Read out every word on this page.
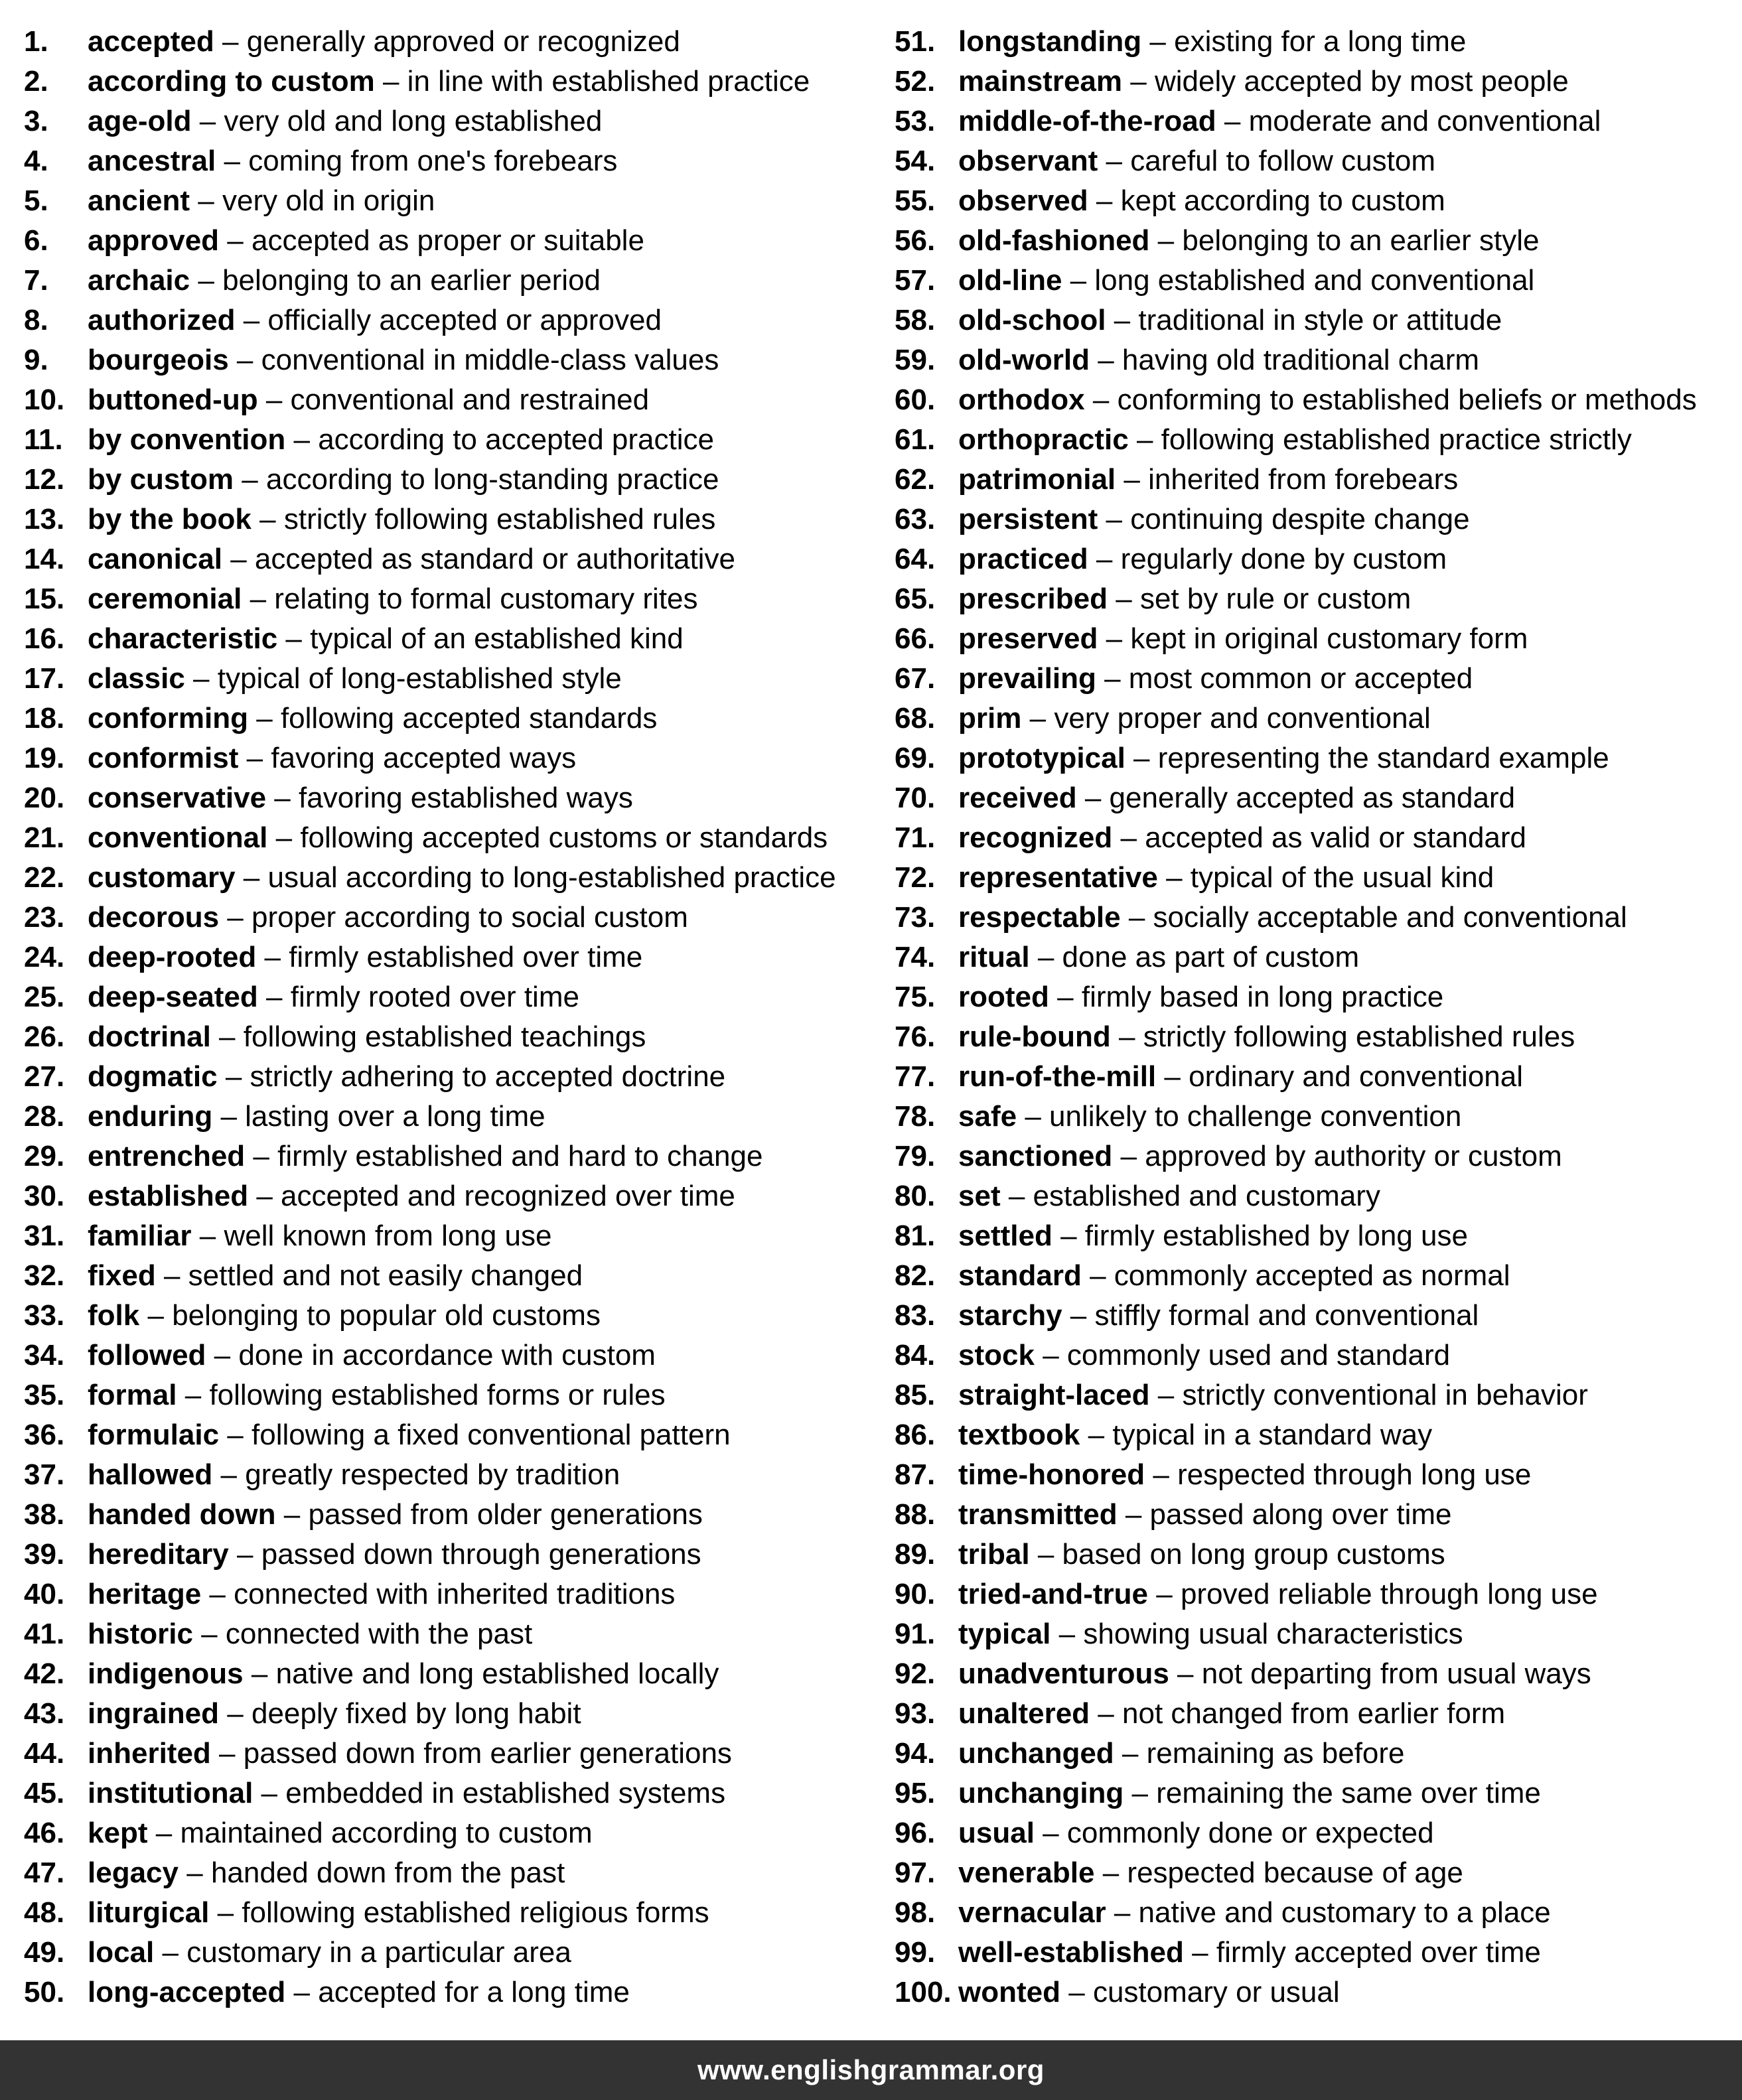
1. accepted – generally approved or recognized
2. according to custom – in line with established practice
3. age-old – very old and long established
4. ancestral – coming from one's forebears
5. ancient – very old in origin
6. approved – accepted as proper or suitable
7. archaic – belonging to an earlier period
8. authorized – officially accepted or approved
9. bourgeois – conventional in middle-class values
10. buttoned-up – conventional and restrained
11. by convention – according to accepted practice
12. by custom – according to long-standing practice
13. by the book – strictly following established rules
14. canonical – accepted as standard or authoritative
15. ceremonial – relating to formal customary rites
16. characteristic – typical of an established kind
17. classic – typical of long-established style
18. conforming – following accepted standards
19. conformist – favoring accepted ways
20. conservative – favoring established ways
21. conventional – following accepted customs or standards
22. customary – usual according to long-established practice
23. decorous – proper according to social custom
24. deep-rooted – firmly established over time
25. deep-seated – firmly rooted over time
26. doctrinal – following established teachings
27. dogmatic – strictly adhering to accepted doctrine
28. enduring – lasting over a long time
29. entrenched – firmly established and hard to change
30. established – accepted and recognized over time
31. familiar – well known from long use
32. fixed – settled and not easily changed
33. folk – belonging to popular old customs
34. followed – done in accordance with custom
35. formal – following established forms or rules
36. formulaic – following a fixed conventional pattern
37. hallowed – greatly respected by tradition
38. handed down – passed from older generations
39. hereditary – passed down through generations
40. heritage – connected with inherited traditions
41. historic – connected with the past
42. indigenous – native and long established locally
43. ingrained – deeply fixed by long habit
44. inherited – passed down from earlier generations
45. institutional – embedded in established systems
46. kept – maintained according to custom
47. legacy – handed down from the past
48. liturgical – following established religious forms
49. local – customary in a particular area
50. long-accepted – accepted for a long time
51. longstanding – existing for a long time
52. mainstream – widely accepted by most people
53. middle-of-the-road – moderate and conventional
54. observant – careful to follow custom
55. observed – kept according to custom
56. old-fashioned – belonging to an earlier style
57. old-line – long established and conventional
58. old-school – traditional in style or attitude
59. old-world – having old traditional charm
60. orthodox – conforming to established beliefs or methods
61. orthopractic – following established practice strictly
62. patrimonial – inherited from forebears
63. persistent – continuing despite change
64. practiced – regularly done by custom
65. prescribed – set by rule or custom
66. preserved – kept in original customary form
67. prevailing – most common or accepted
68. prim – very proper and conventional
69. prototypical – representing the standard example
70. received – generally accepted as standard
71. recognized – accepted as valid or standard
72. representative – typical of the usual kind
73. respectable – socially acceptable and conventional
74. ritual – done as part of custom
75. rooted – firmly based in long practice
76. rule-bound – strictly following established rules
77. run-of-the-mill – ordinary and conventional
78. safe – unlikely to challenge convention
79. sanctioned – approved by authority or custom
80. set – established and customary
81. settled – firmly established by long use
82. standard – commonly accepted as normal
83. starchy – stiffly formal and conventional
84. stock – commonly used and standard
85. straight-laced – strictly conventional in behavior
86. textbook – typical in a standard way
87. time-honored – respected through long use
88. transmitted – passed along over time
89. tribal – based on long group customs
90. tried-and-true – proved reliable through long use
91. typical – showing usual characteristics
92. unadventurous – not departing from usual ways
93. unaltered – not changed from earlier form
94. unchanged – remaining as before
95. unchanging – remaining the same over time
96. usual – commonly done or expected
97. venerable – respected because of age
98. vernacular – native and customary to a place
99. well-established – firmly accepted over time
100. wonted – customary or usual
www.englishgrammar.org
